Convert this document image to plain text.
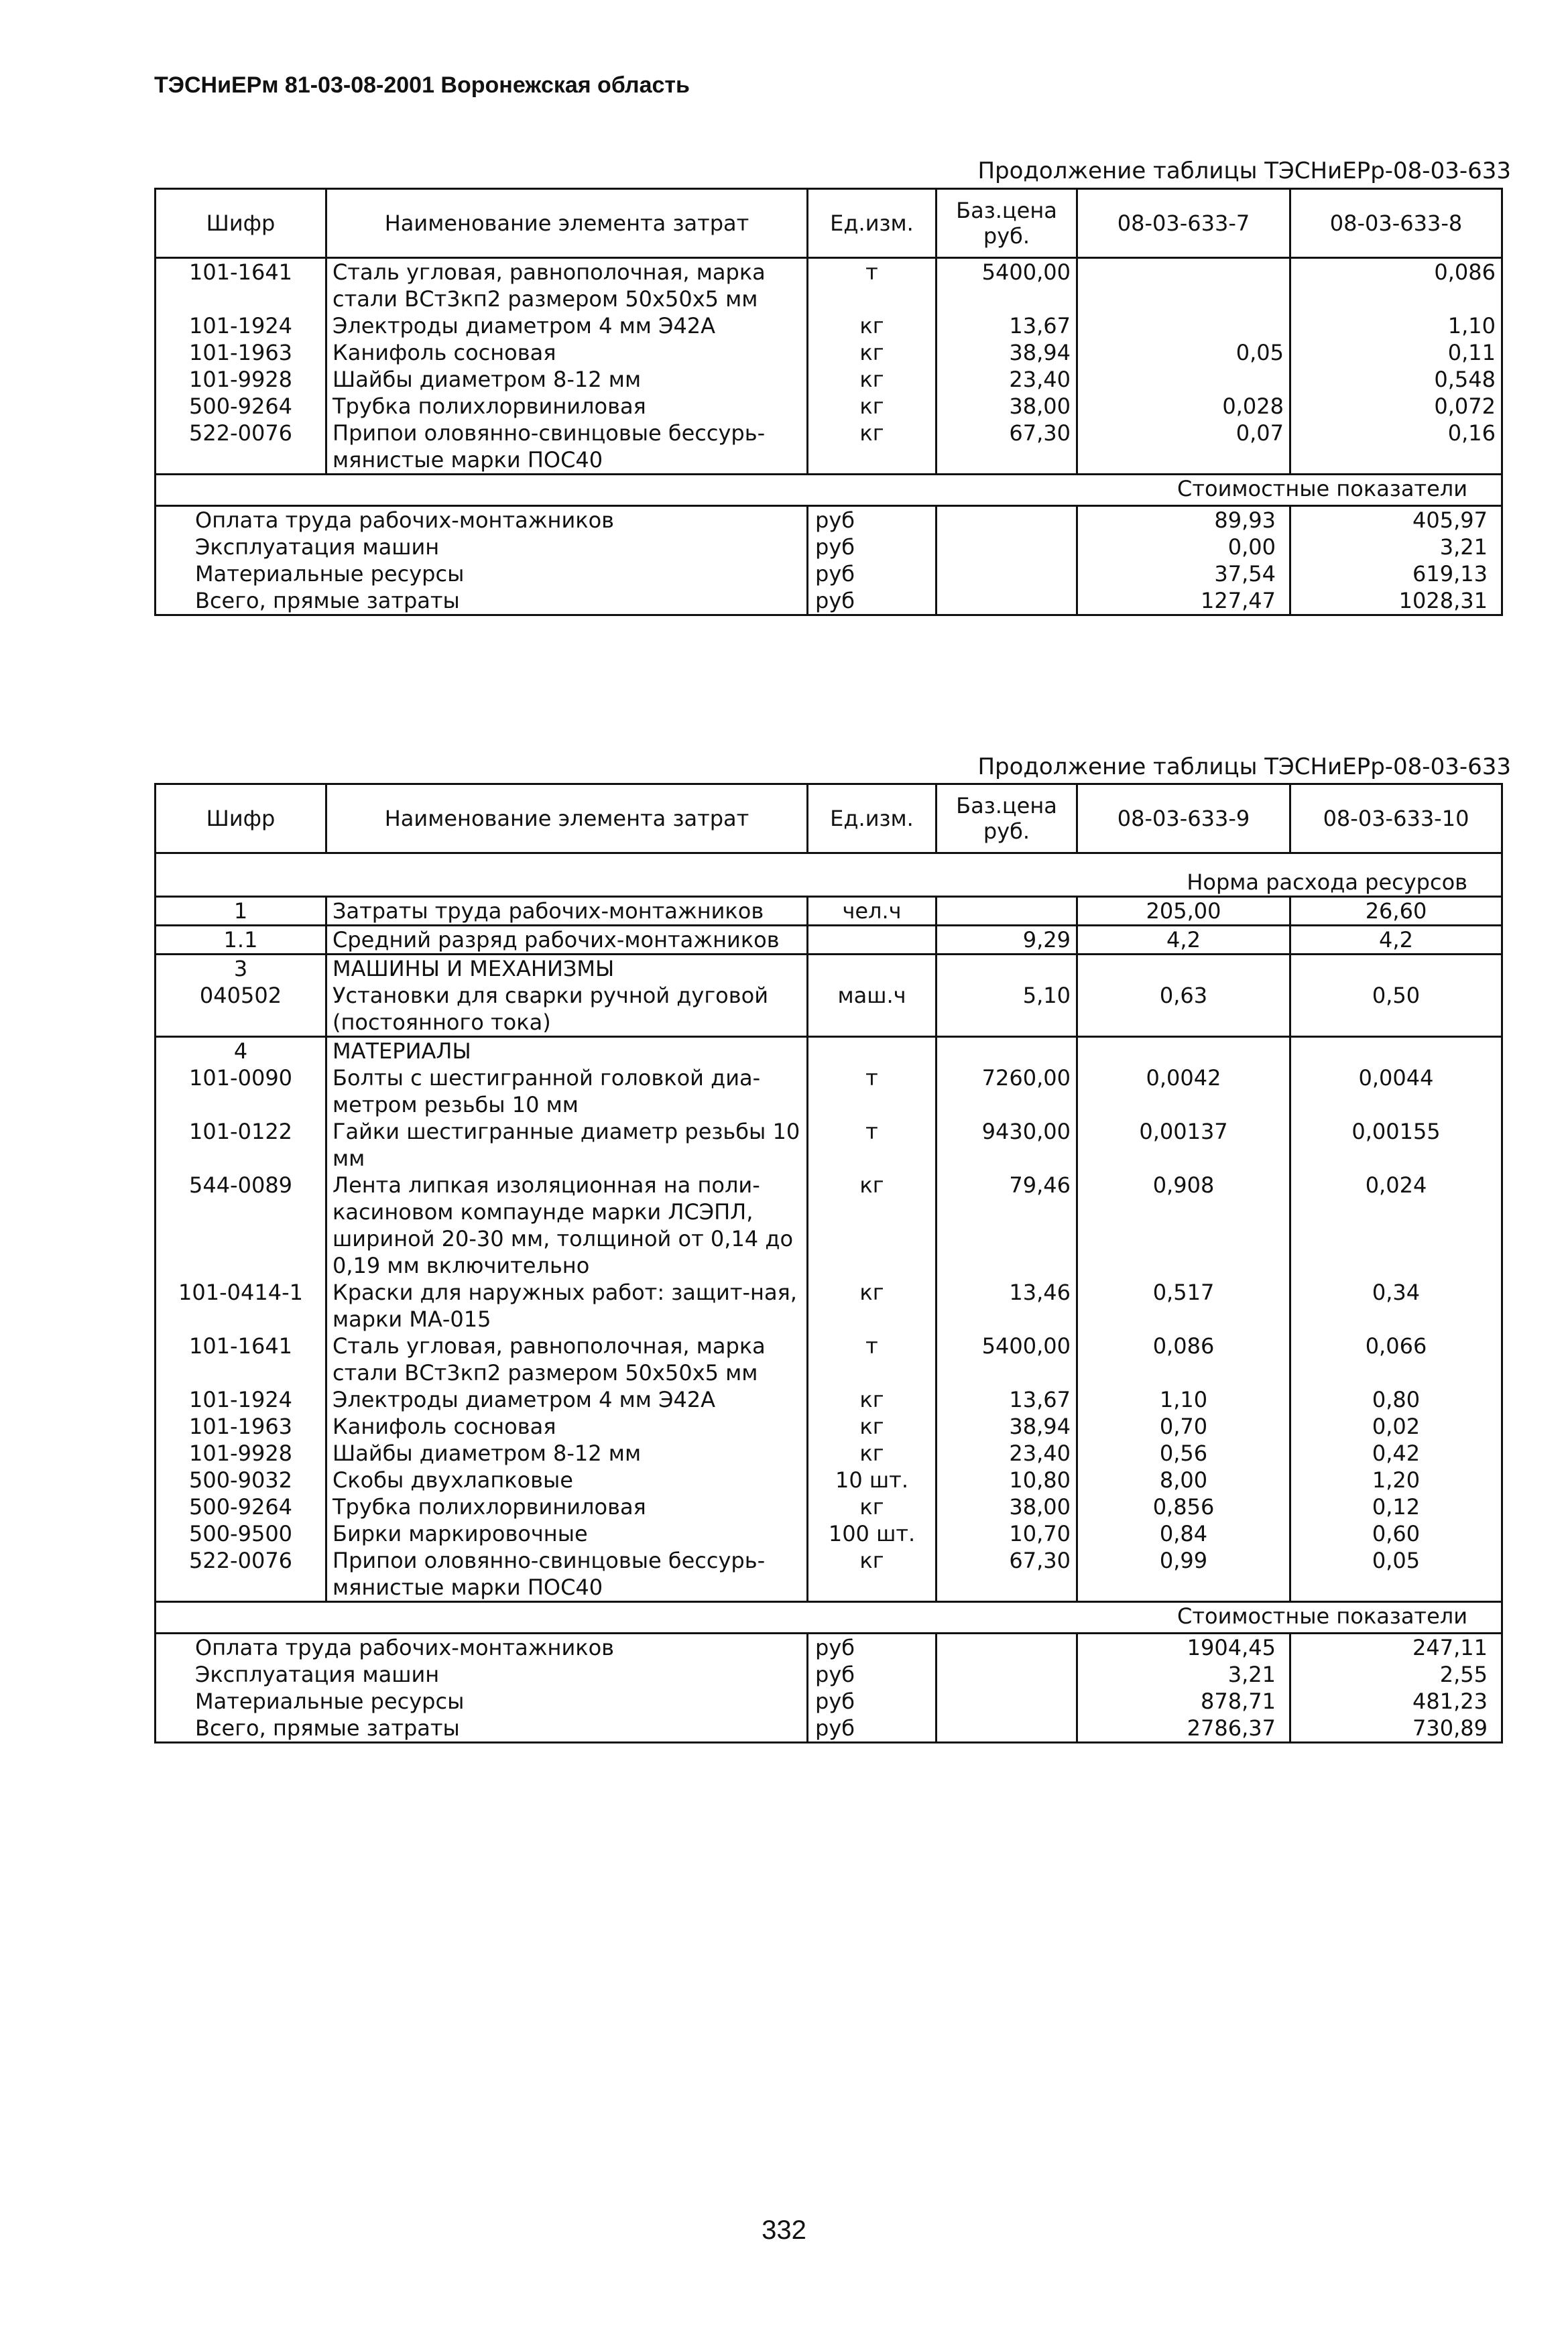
ТЭСНиЕРм 81-03-08-2001 Воронежская область
Продолжение таблицы ТЭСНиЕРр-08-03-633
Шифр	Наименование элемента затрат	Ед.изм.	Баз.цена руб.	08-03-633-7	08-03-633-8
101-1641	Сталь угловая, равнополочная, марка стали ВСт3кп2 размером 50х50х5 мм	т	5400,00		0,086
101-1924	Электроды диаметром 4 мм Э42А	кг	13,67		1,10
101-1963	Канифоль сосновая	кг	38,94	0,05	0,11
101-9928	Шайбы диаметром 8-12 мм	кг	23,40		0,548
500-9264	Трубка полихлорвиниловая	кг	38,00	0,028	0,072
522-0076	Припои оловянно-свинцовые бессурь-мянистые марки ПОС40	кг	67,30	0,07	0,16
Стоимостные показатели					
Оплата труда рабочих-монтажников		руб		89,93	405,97
Эксплуатация машин		руб		0,00	3,21
Материальные ресурсы		руб		37,54	619,13
Всего, прямые затраты		руб		127,47	1028,31
Продолжение таблицы ТЭСНиЕРр-08-03-633
Шифр	Наименование элемента затрат	Ед.изм.	Баз.цена руб.	08-03-633-9	08-03-633-10
Норма расхода ресурсов					
1	Затраты труда рабочих-монтажников	чел.ч		205,00	26,60
1.1	Средний разряд рабочих-монтажников		9,29	4,2	4,2
3	МАШИНЫ И МЕХАНИЗМЫ				
040502	Установки для сварки ручной дуговой (постоянного тока)	маш.ч	5,10	0,63	0,50
4	МАТЕРИАЛЫ				
101-0090	Болты с шестигранной головкой диа-метром резьбы 10 мм	т	7260,00	0,0042	0,0044
101-0122	Гайки шестигранные диаметр резьбы 10 мм	т	9430,00	0,00137	0,00155
544-0089	Лента липкая изоляционная на поли-касиновом компаунде марки ЛСЭПЛ, шириной 20-30 мм, толщиной от 0,14 до 0,19 мм включительно	кг	79,46	0,908	0,024
101-0414-1	Краски для наружных работ: защит-ная, марки МА-015	кг	13,46	0,517	0,34
101-1641	Сталь угловая, равнополочная, марка стали ВСт3кп2 размером 50х50х5 мм	т	5400,00	0,086	0,066
101-1924	Электроды диаметром 4 мм Э42А	кг	13,67	1,10	0,80
101-1963	Канифоль сосновая	кг	38,94	0,70	0,02
101-9928	Шайбы диаметром 8-12 мм	кг	23,40	0,56	0,42
500-9032	Скобы двухлапковые	10 шт.	10,80	8,00	1,20
500-9264	Трубка полихлорвиниловая	кг	38,00	0,856	0,12
500-9500	Бирки маркировочные	100 шт.	10,70	0,84	0,60
522-0076	Припои оловянно-свинцовые бессурь-мянистые марки ПОС40	кг	67,30	0,99	0,05
Стоимостные показатели					
Оплата труда рабочих-монтажников		руб		1904,45	247,11
Эксплуатация машин		руб		3,21	2,55
Материальные ресурсы		руб		878,71	481,23
Всего, прямые затраты		руб		2786,37	730,89
332
